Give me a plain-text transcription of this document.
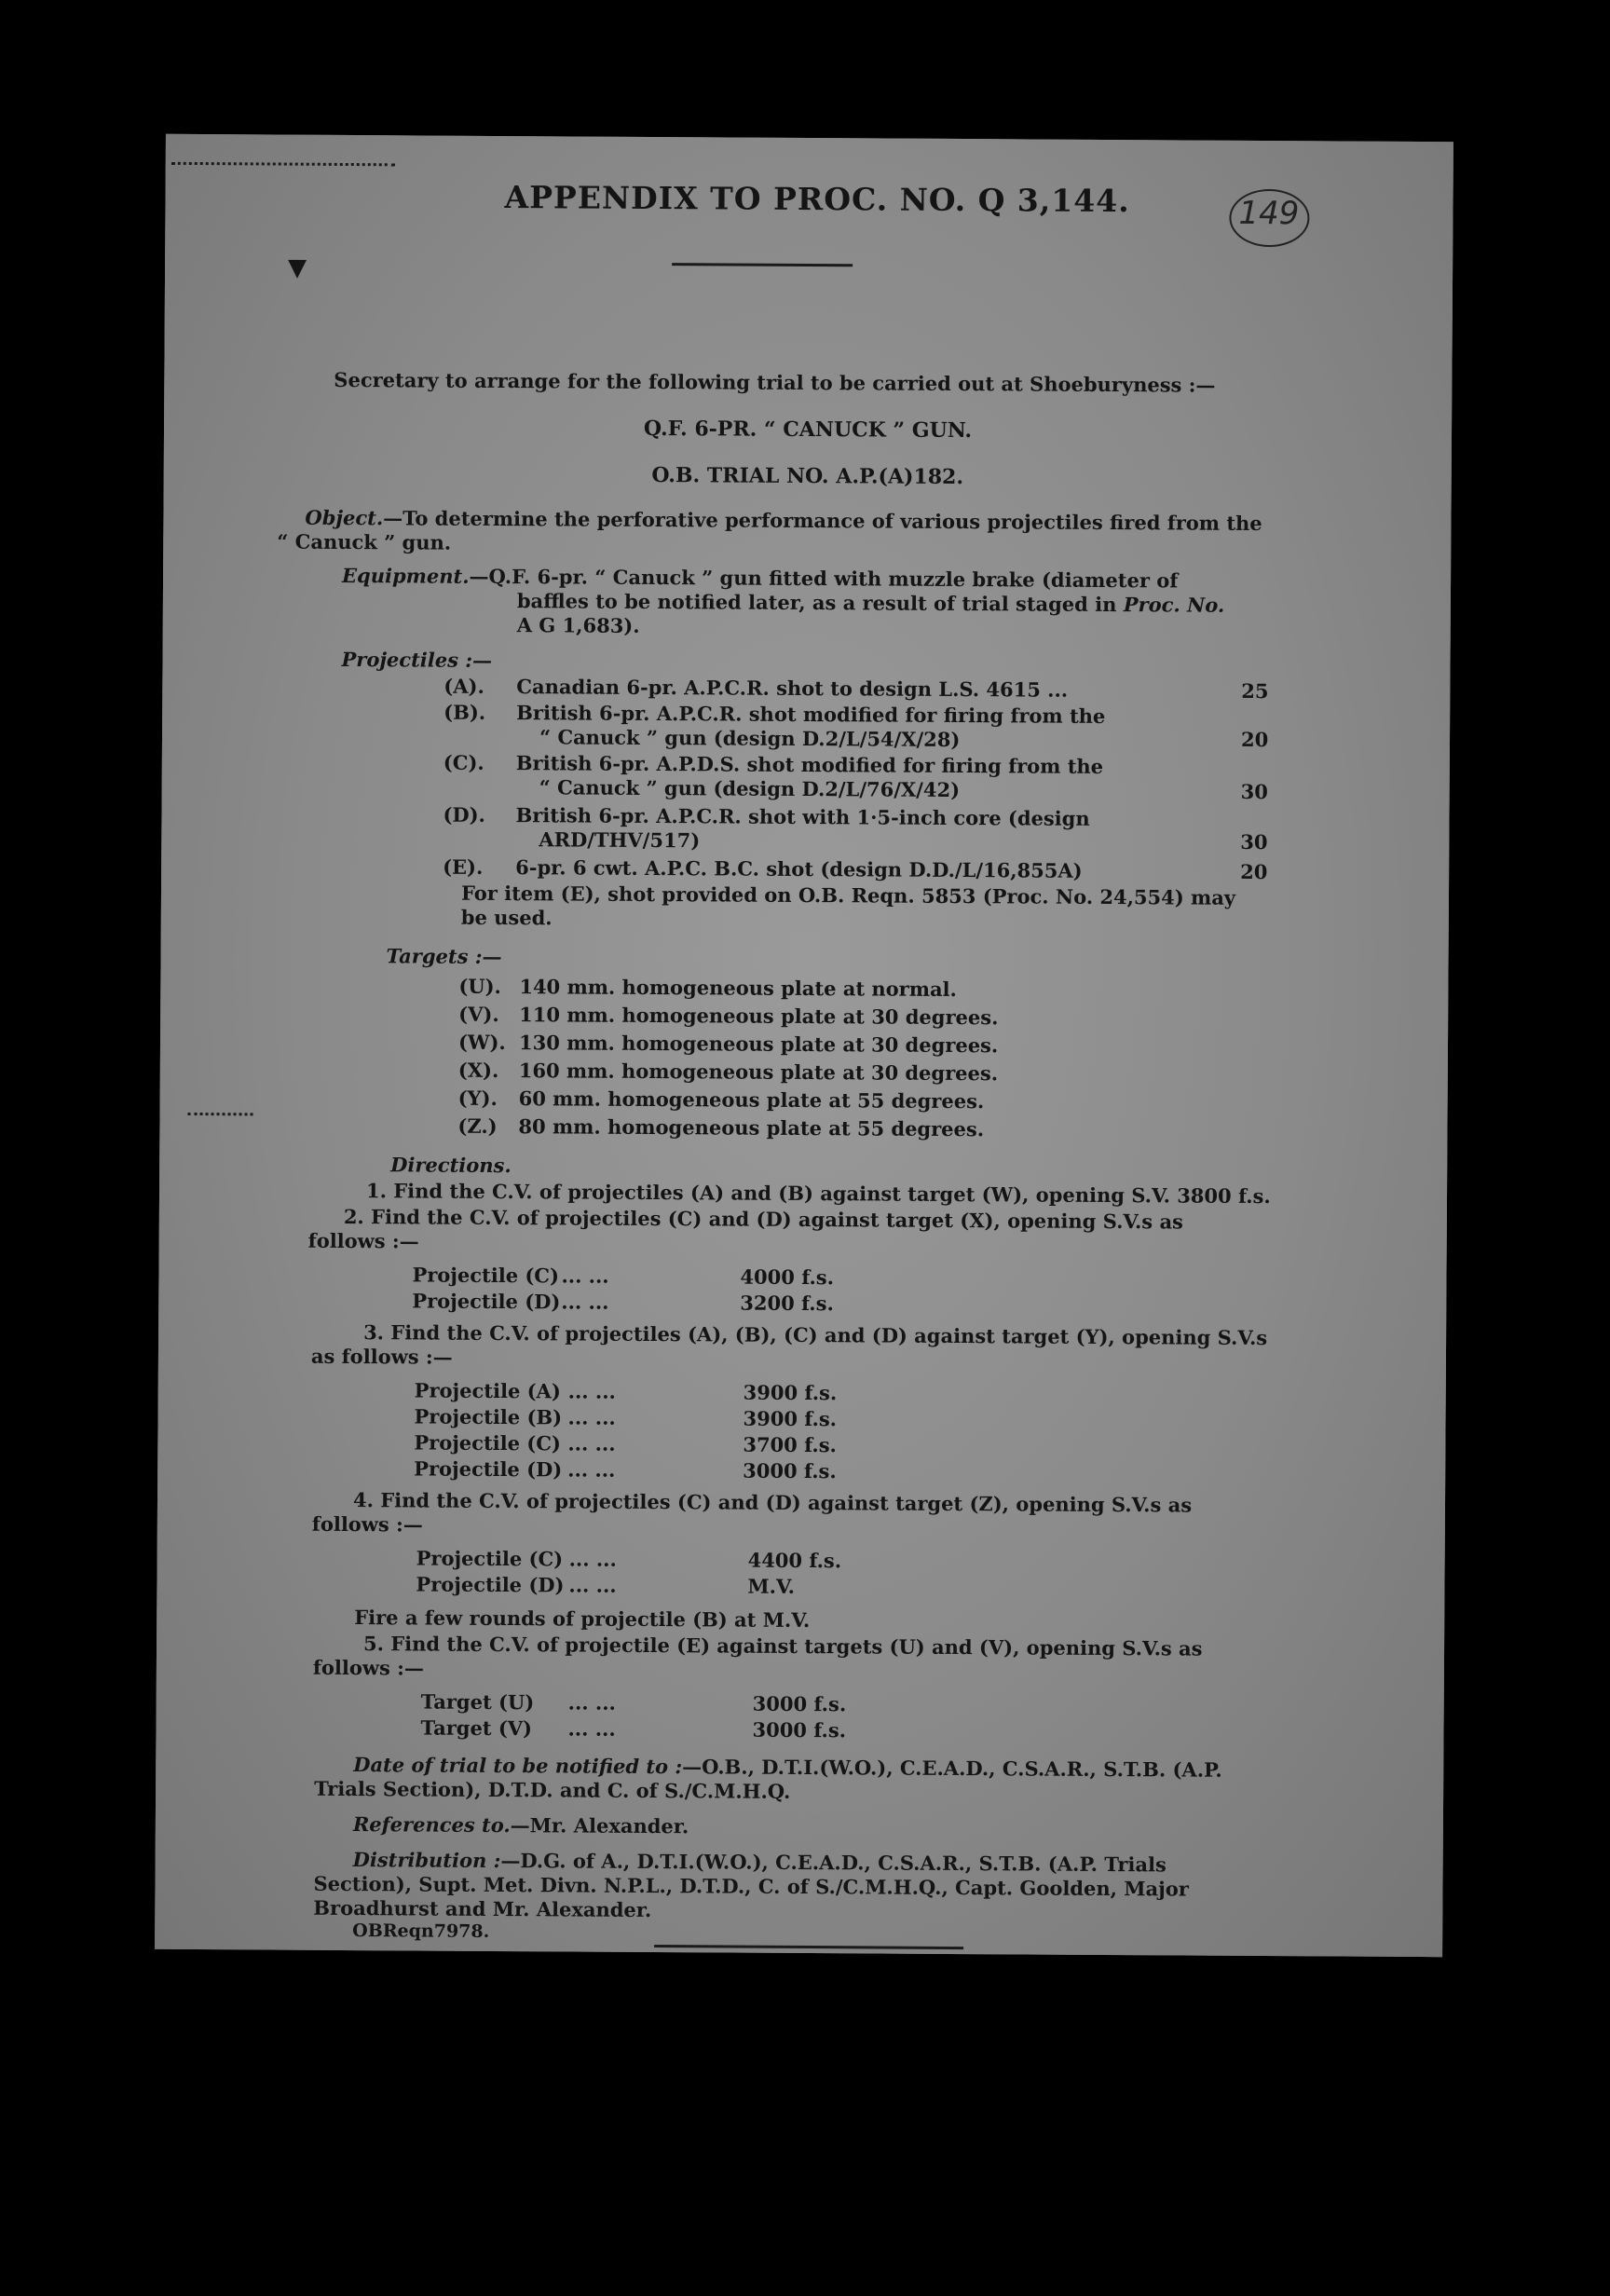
APPENDIX TO PROC. NO. Q 3,144.	149
▼
Secretary to arrange for the following trial to be carried out at Shoeburyness :—
Q.F. 6-PR. “ CANUCK ” GUN.
O.B. TRIAL NO. A.P.(A)182.
Object.—To determine the perforative performance of various projectiles fired from the
“ Canuck ” gun.
Equipment.—Q.F. 6-pr. “ Canuck ” gun fitted with muzzle brake (diameter of
baffles to be notified later, as a result of trial staged in Proc. No.
A G 1,683).
Projectiles :—
(A). Canadian 6-pr. A.P.C.R. shot to design L.S. 4615 ...	25
(B). British 6-pr. A.P.C.R. shot modified for firing from the
“ Canuck ” gun (design D.2/L/54/X/28)	20
(C). British 6-pr. A.P.D.S. shot modified for firing from the
“ Canuck ” gun (design D.2/L/76/X/42)	30
(D). British 6-pr. A.P.C.R. shot with 1·5-inch core (design
ARD/THV/517)	30
(E). 6-pr. 6 cwt. A.P.C. B.C. shot (design D.D./L/16,855A)	20
For item (E), shot provided on O.B. Reqn. 5853 (Proc. No. 24,554) may
be used.
Targets :—
(U). 140 mm. homogeneous plate at normal.
(V). 110 mm. homogeneous plate at 30 degrees.
(W). 130 mm. homogeneous plate at 30 degrees.
(X). 160 mm. homogeneous plate at 30 degrees.
(Y). 60 mm. homogeneous plate at 55 degrees.
(Z.) 80 mm. homogeneous plate at 55 degrees.
Directions.
1. Find the C.V. of projectiles (A) and (B) against target (W), opening S.V. 3800 f.s.
2. Find the C.V. of projectiles (C) and (D) against target (X), opening S.V.s as
follows :—
Projectile (C) ... ...	4000 f.s.
Projectile (D) ... ...	3200 f.s.
3. Find the C.V. of projectiles (A), (B), (C) and (D) against target (Y), opening S.V.s
as follows :—
Projectile (A) ... ...	3900 f.s.
Projectile (B) ... ...	3900 f.s.
Projectile (C) ... ...	3700 f.s.
Projectile (D) ... ...	3000 f.s.
4. Find the C.V. of projectiles (C) and (D) against target (Z), opening S.V.s as
follows :—
Projectile (C) ... ...	4400 f.s.
Projectile (D) ... ...	M.V.
Fire a few rounds of projectile (B) at M.V.
5. Find the C.V. of projectile (E) against targets (U) and (V), opening S.V.s as
follows :—
Target (U) ... ...	3000 f.s.
Target (V) ... ...	3000 f.s.
Date of trial to be notified to :—O.B., D.T.I.(W.O.), C.E.A.D., C.S.A.R., S.T.B. (A.P.
Trials Section), D.T.D. and C. of S./C.M.H.Q.
References to.—Mr. Alexander.
Distribution :—D.G. of A., D.T.I.(W.O.), C.E.A.D., C.S.A.R., S.T.B. (A.P. Trials
Section), Supt. Met. Divn. N.P.L., D.T.D., C. of S./C.M.H.Q., Capt. Goolden, Major
Broadhurst and Mr. Alexander.
OBReqn7978.
